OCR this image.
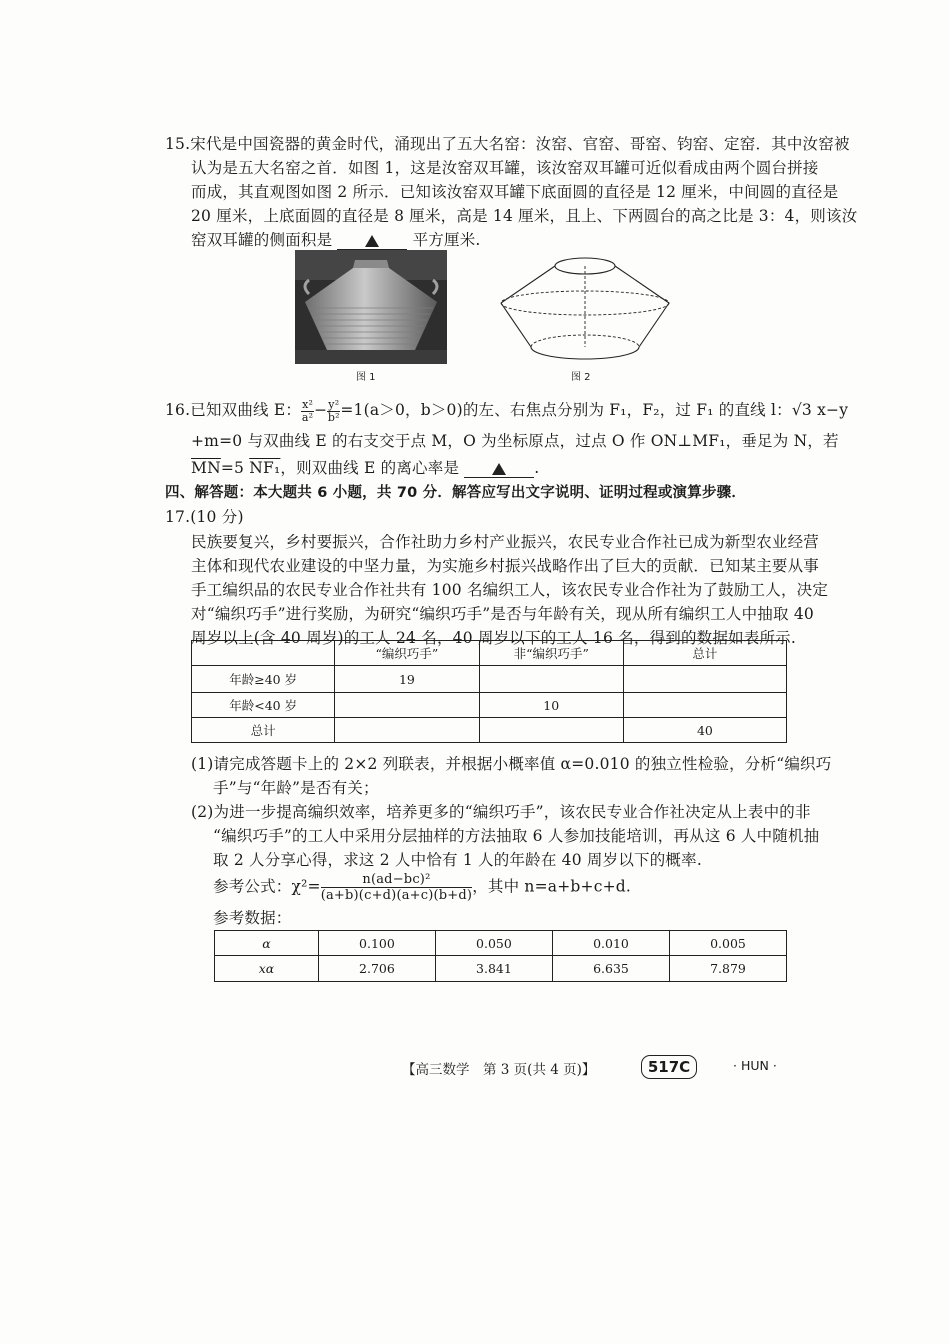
15.宋代是中国瓷器的黄金时代，涌现出了五大名窑：汝窑、官窑、哥窑、钧窑、定窑．其中汝窑被
认为是五大名窑之首．如图 1，这是汝窑双耳罐，该汝窑双耳罐可近似看成由两个圆台拼接
而成，其直观图如图 2 所示．已知该汝窑双耳罐下底面圆的直径是 12 厘米，中间圆的直径是
20 厘米，上底面圆的直径是 8 厘米，高是 14 厘米，且上、下两圆台的高之比是 3：4，则该汝
窑双耳罐的侧面积是	平方厘米.
图 1	图 2
16.已知双曲线 E： $\frac{\text{x²}}{\text{a²}} - \frac{\text{y²}}{\text{b²}} =1(a>0$，b＞0)的左、右焦点分别为 F₁，F₂，过 F₁ 的直线 l：√3 x−y
+m=0 与双曲线 E 的右支交于点 M，O 为坐标原点，过点 O 作 ON⊥MF₁，垂足为 N，若
$\overline{MN}=5$ NF₁，则双曲线 E 的离心率是	.
四、解答题：本大题共 6 小题，共 70 分．解答应写出文字说明、证明过程或演算步骤．
17.(10 分)
民族要复兴，乡村要振兴，合作社助力乡村产业振兴，农民专业合作社已成为新型农业经营
主体和现代农业建设的中坚力量，为实施乡村振兴战略作出了巨大的贡献．已知某主要从事
手工编织品的农民专业合作社共有 100 名编织工人，该农民专业合作社为了鼓励工人，决定
对“编织巧手”进行奖励，为研究“编织巧手”是否与年龄有关，现从所有编织工人中抽取 40
周岁以上(含 40 周岁)的工人 24 名，40 周岁以下的工人 16 名，得到的数据如表所示.
	“编织巧手”	非“编织巧手”	总计
年龄≥40 岁	19		
年龄<40 岁		10	
总计			40
(1)请完成答题卡上的 2×2 列联表，并根据小概率值 α=0.010 的独立性检验，分析“编织巧
手”与“年龄”是否有关；
(2)为进一步提高编织效率，培养更多的“编织巧手”，该农民专业合作社决定从上表中的非
“编织巧手”的工人中采用分层抽样的方法抽取 6 人参加技能培训，再从这 6 人中随机抽
取 2 人分享心得，求这 2 人中恰有 1 人的年龄在 40 周岁以下的概率.
参考公式：$\chi^2= \frac{\text{n(ad−bc)²}}{(a+b)(c+d)(a+c)(b+d)}$ ，其中 n=a+b+c+d.
参考数据：
α	0.100	0.050	0.010	0.005
xα	2.706	3.841	6.635	7.879
【高三数学　第 3 页(共 4 页)】	517C	· HUN ·
